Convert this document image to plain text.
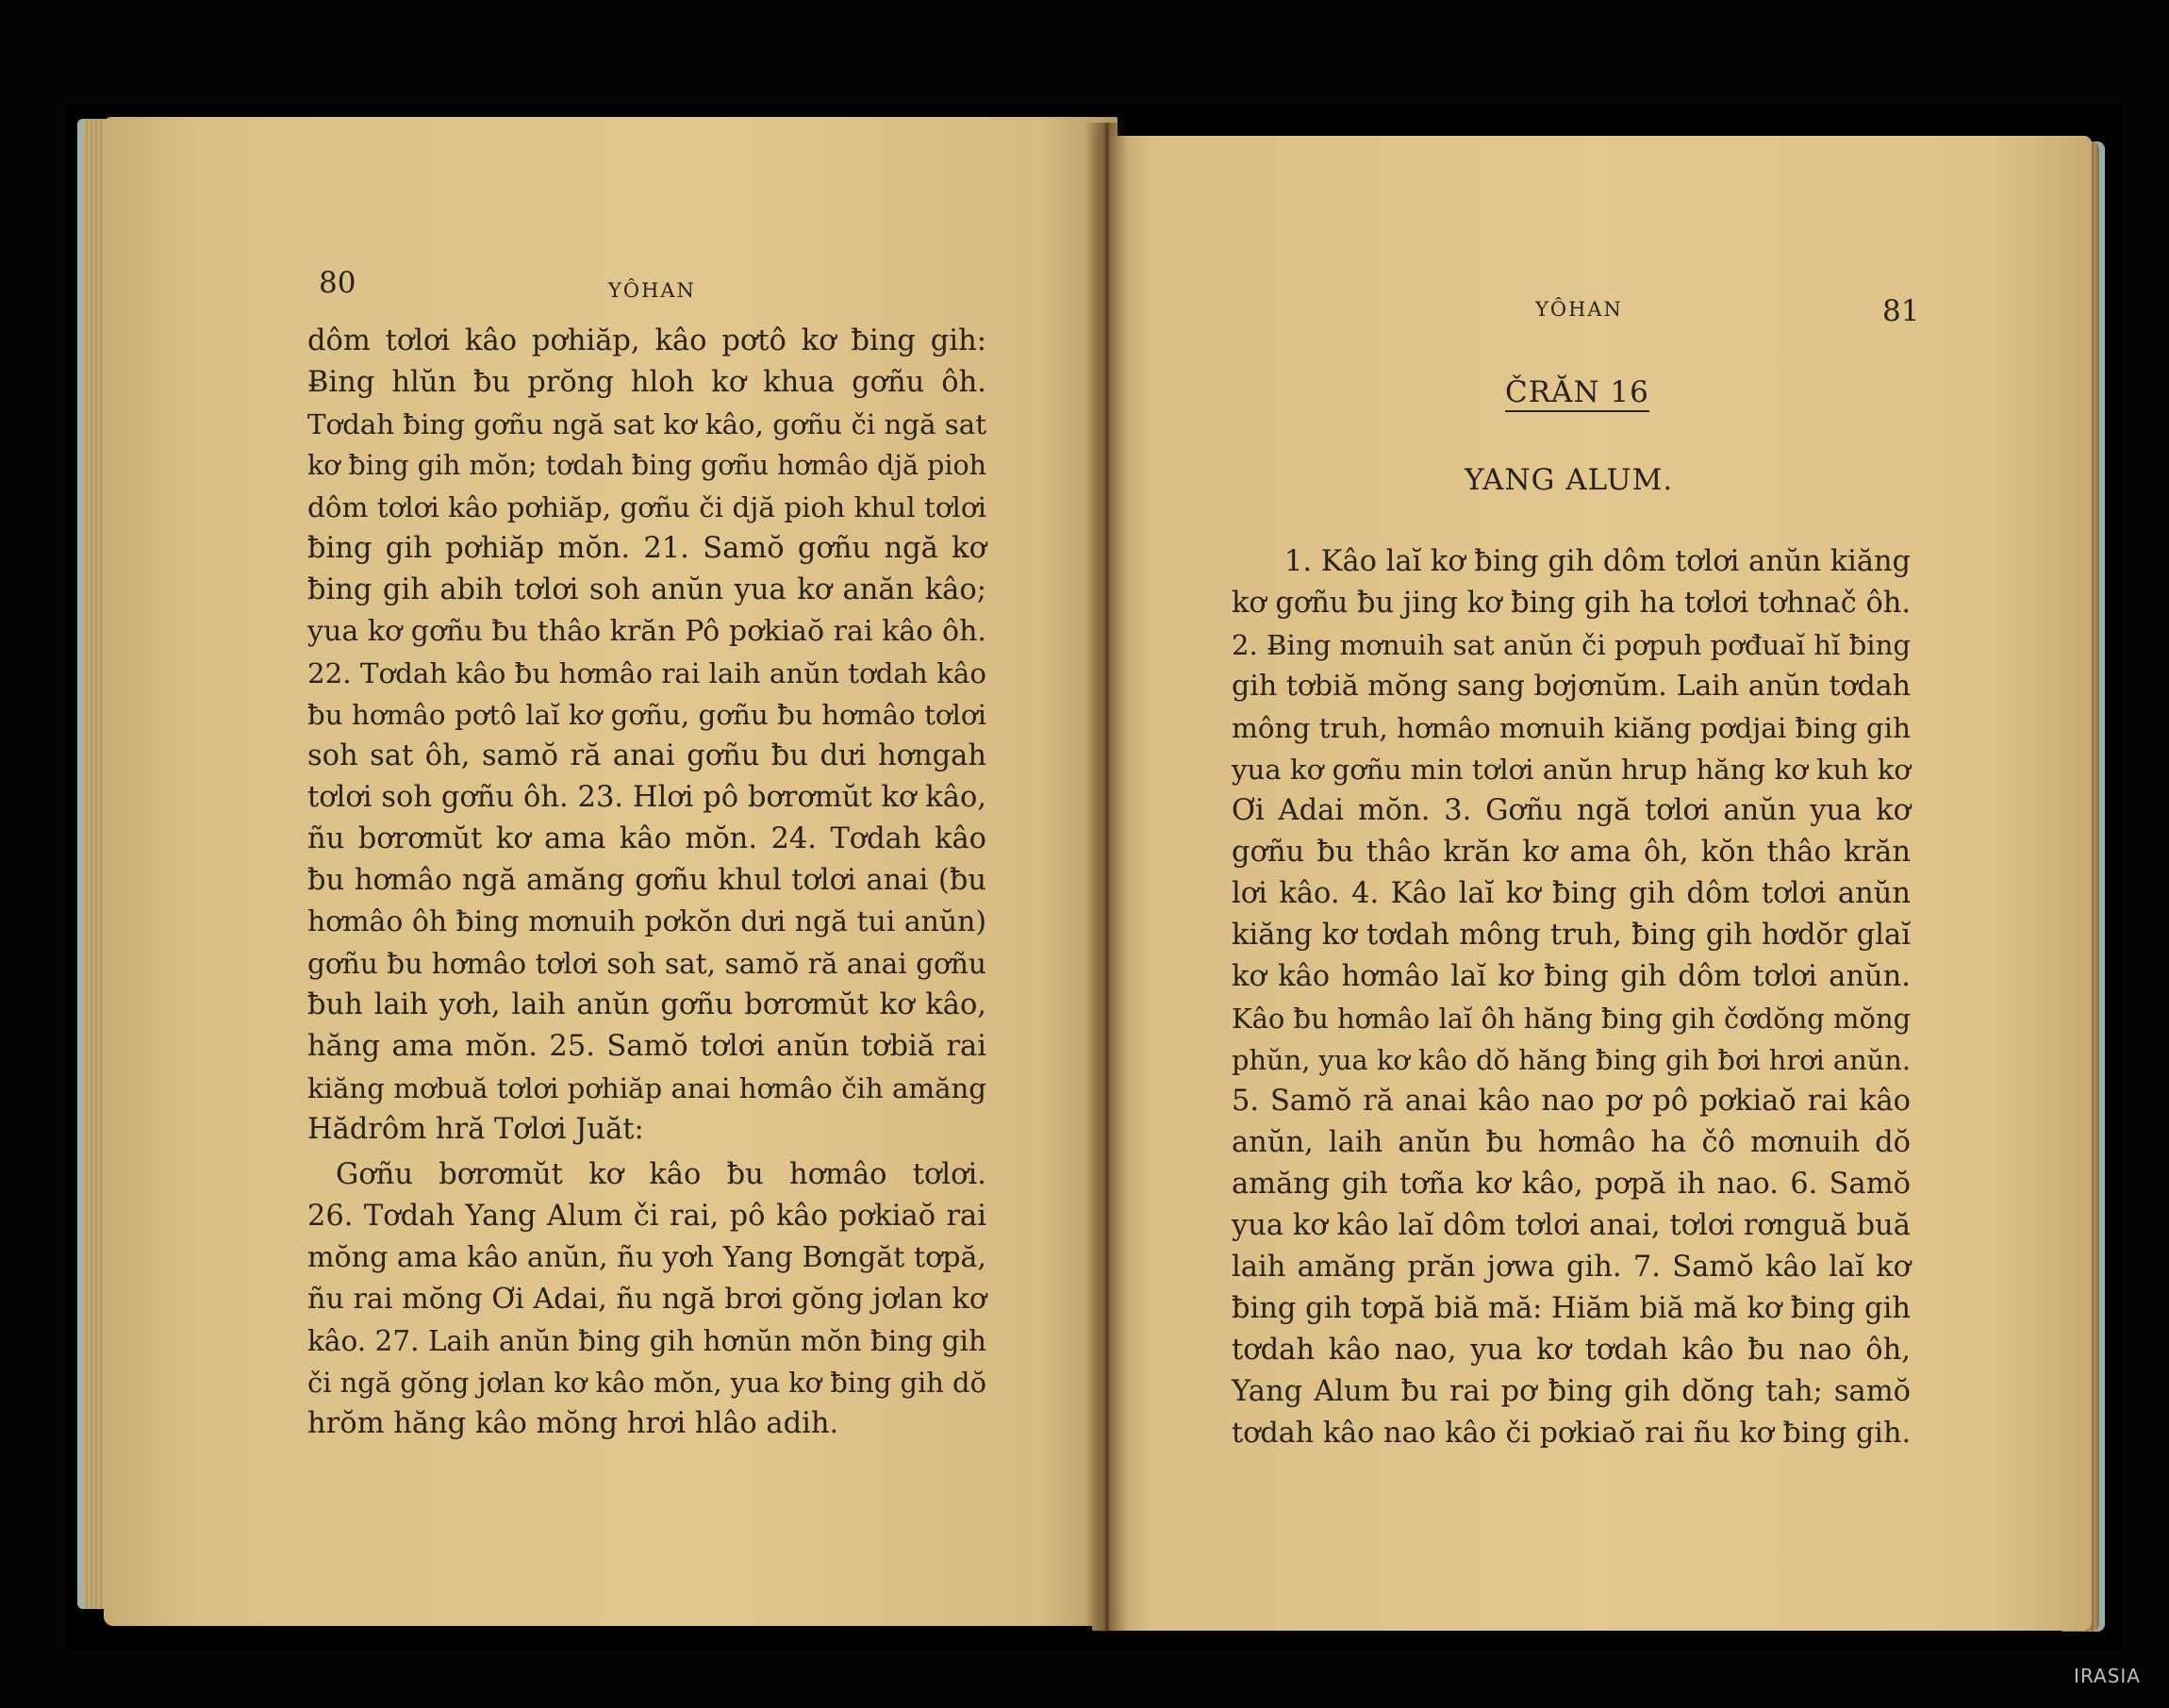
80	YÔHAN
dôm tơlơi kâo pơhiăp, kâo pơtô kơ ƀing gih:
Ƀing hlŭn ƀu prŏng hloh kơ khua gơñu ôh.
Tơdah ƀing gơñu ngă sat kơ kâo, gơñu či ngă sat
kơ ƀing gih mŏn; tơdah ƀing gơñu hơmâo djă pioh
dôm tơlơi kâo pơhiăp, gơñu či djă pioh khul tơlơi
ƀing gih pơhiăp mŏn. 21. Samŏ gơñu ngă kơ
ƀing gih abih tơlơi soh anŭn yua kơ anăn kâo;
yua kơ gơñu ƀu thâo krăn Pô pơkiaŏ rai kâo ôh.
22. Tơdah kâo ƀu hơmâo rai laih anŭn tơdah kâo
ƀu hơmâo pơtô laĭ kơ gơñu, gơñu ƀu hơmâo tơlơi
soh sat ôh, samŏ ră anai gơñu ƀu dưi hơngah
tơlơi soh gơñu ôh. 23. Hlơi pô bơrơmŭt kơ kâo,
ñu bơrơmŭt kơ ama kâo mŏn. 24. Tơdah kâo
ƀu hơmâo ngă amăng gơñu khul tơlơi anai (ƀu
hơmâo ôh ƀing mơnuih pơkŏn dưi ngă tui anŭn)
gơñu ƀu hơmâo tơlơi soh sat, samŏ ră anai gơñu
ƀuh laih yơh, laih anŭn gơñu bơrơmŭt kơ kâo,
hăng ama mŏn. 25. Samŏ tơlơi anŭn tơbiă rai
kiăng mơbuă tơlơi pơhiăp anai hơmâo čih amăng
Hădrôm hră Tơlơi Juăt:
Gơñu bơrơmŭt kơ kâo ƀu hơmâo tơlơi.
26. Tơdah Yang Alum či rai, pô kâo pơkiaŏ rai
mŏng ama kâo anŭn, ñu yơh Yang Bơngăt tơpă,
ñu rai mŏng Ơi Adai, ñu ngă brơi gŏng jơlan kơ
kâo. 27. Laih anŭn ƀing gih hơnŭn mŏn ƀing gih
či ngă gŏng jơlan kơ kâo mŏn, yua kơ ƀing gih dŏ
hrŏm hăng kâo mŏng hrơi hlâo adih.
YÔHAN	81
ČRĂN 16
YANG ALUM.
1. Kâo laĭ kơ ƀing gih dôm tơlơi anŭn kiăng
kơ gơñu ƀu jing kơ ƀing gih ha tơlơi tơhnač ôh.
2. Ƀing mơnuih sat anŭn či pơpuh pơđuaĭ hĭ ƀing
gih tơbiă mŏng sang bơjơnŭm. Laih anŭn tơdah
mông truh, hơmâo mơnuih kiăng pơdjai ƀing gih
yua kơ gơñu min tơlơi anŭn hrup hăng kơ kuh kơ
Ơi Adai mŏn. 3. Gơñu ngă tơlơi anŭn yua kơ
gơñu ƀu thâo krăn kơ ama ôh, kŏn thâo krăn
lơi kâo. 4. Kâo laĭ kơ ƀing gih dôm tơlơi anŭn
kiăng kơ tơdah mông truh, ƀing gih hơdŏr glaĭ
kơ kâo hơmâo laĭ kơ ƀing gih dôm tơlơi anŭn.
Kâo ƀu hơmâo laĭ ôh hăng ƀing gih čơdŏng mŏng
phŭn, yua kơ kâo dŏ hăng ƀing gih ƀơi hrơi anŭn.
5. Samŏ ră anai kâo nao pơ pô pơkiaŏ rai kâo
anŭn, laih anŭn ƀu hơmâo ha čô mơnuih dŏ
amăng gih tơña kơ kâo, pơpă ih nao. 6. Samŏ
yua kơ kâo laĭ dôm tơlơi anai, tơlơi rơnguă buă
laih amăng prăn jơwa gih. 7. Samŏ kâo laĭ kơ
ƀing gih tơpă biă mă: Hiăm biă mă kơ ƀing gih
tơdah kâo nao, yua kơ tơdah kâo ƀu nao ôh,
Yang Alum ƀu rai pơ ƀing gih dŏng tah; samŏ
tơdah kâo nao kâo či pơkiaŏ rai ñu kơ ƀing gih.
IRASIA
